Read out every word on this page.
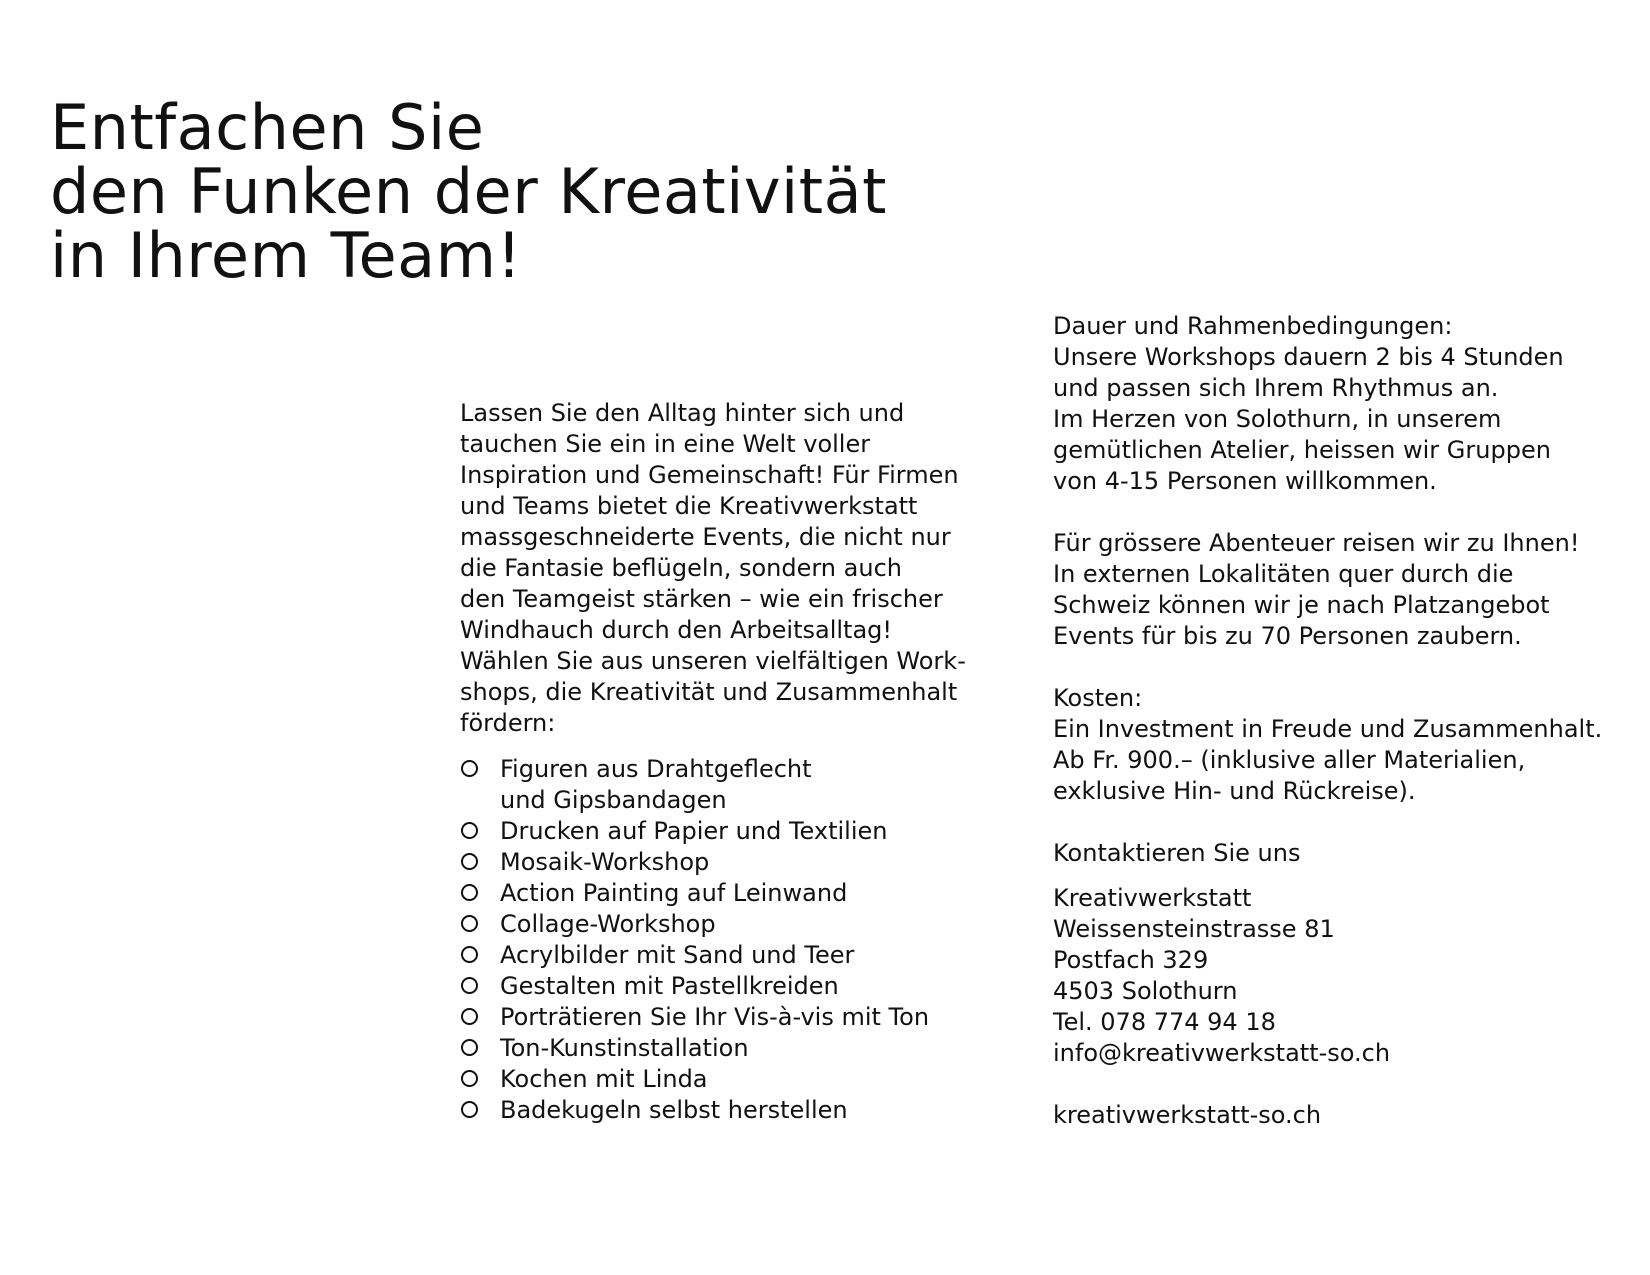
Entfachen Sie
den Funken der Kreativität
in Ihrem Team!

Lassen Sie den Alltag hinter sich und
tauchen Sie ein in eine Welt voller
Inspiration und Gemeinschaft! Für Firmen
und Teams bietet die Kreativwerkstatt
massgeschneiderte Events, die nicht nur
die Fantasie beflügeln, sondern auch
den Teamgeist stärken – wie ein frischer
Windhauch durch den Arbeitsalltag!
Wählen Sie aus unseren vielfältigen Work-
shops, die Kreativität und Zusammenhalt
fördern:

Figuren aus Drahtgeflecht
und Gipsbandagen
Drucken auf Papier und Textilien
Mosaik-Workshop
Action Painting auf Leinwand
Collage-Workshop
Acrylbilder mit Sand und Teer
Gestalten mit Pastellkreiden
Porträtieren Sie Ihr Vis-à-vis mit Ton
Ton-Kunstinstallation
Kochen mit Linda
Badekugeln selbst herstellen

Dauer und Rahmenbedingungen:
Unsere Workshops dauern 2 bis 4 Stunden
und passen sich Ihrem Rhythmus an.
Im Herzen von Solothurn, in unserem
gemütlichen Atelier, heissen wir Gruppen
von 4-15 Personen willkommen.

Für grössere Abenteuer reisen wir zu Ihnen!
In externen Lokalitäten quer durch die
Schweiz können wir je nach Platzangebot
Events für bis zu 70 Personen zaubern.

Kosten:
Ein Investment in Freude und Zusammenhalt.
Ab Fr. 900.– (inklusive aller Materialien,
exklusive Hin- und Rückreise).

Kontaktieren Sie uns

Kreativwerkstatt
Weissensteinstrasse 81
Postfach 329
4503 Solothurn
Tel. 078 774 94 18
info@kreativwerkstatt-so.ch

kreativwerkstatt-so.ch
